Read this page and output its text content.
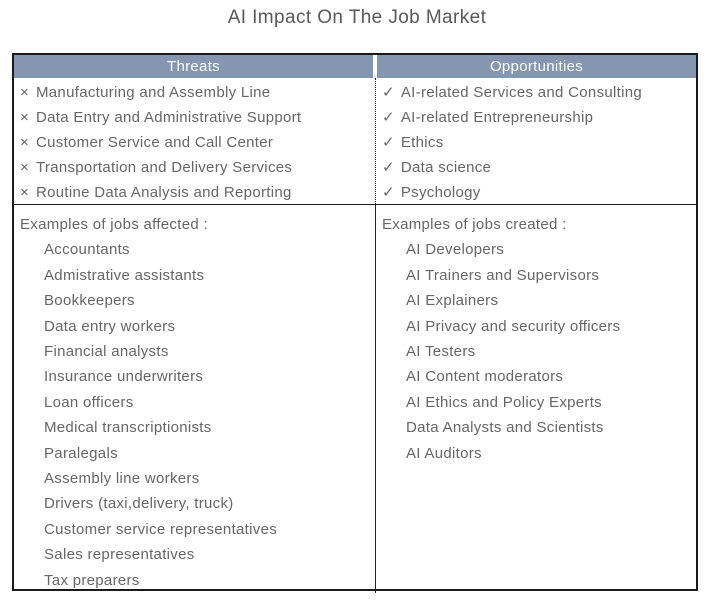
AI Impact On The Job Market
Threats	Opportunities
× Manufacturing and Assembly Line
× Data Entry and Administrative Support
× Customer Service and Call Center
× Transportation and Delivery Services
× Routine Data Analysis and Reporting
✓ AI-related Services and Consulting
✓ AI-related Entrepreneurship
✓ Ethics
✓ Data science
✓ Psychology
Examples of jobs affected :
Accountants
Admistrative assistants
Bookkeepers
Data entry workers
Financial analysts
Insurance underwriters
Loan officers
Medical transcriptionists
Paralegals
Assembly line workers
Drivers (taxi,delivery, truck)
Customer service representatives
Sales representatives
Tax preparers
Examples of jobs created :
AI Developers
AI Trainers and Supervisors
AI Explainers
AI Privacy and security officers
AI Testers
AI Content moderators
AI Ethics and Policy Experts
Data Analysts and Scientists
AI Auditors
